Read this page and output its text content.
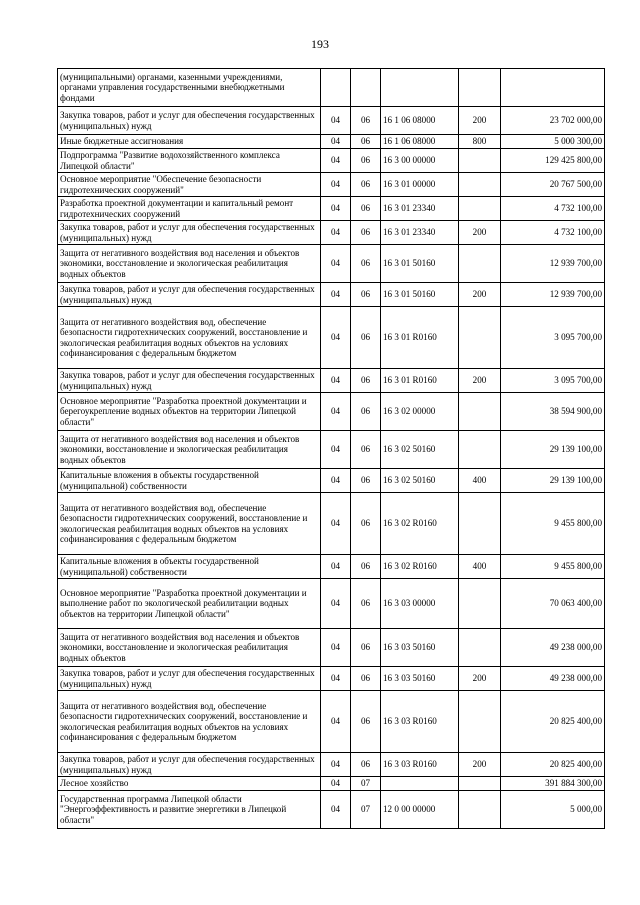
193
(муниципальными) органами, казенными учреждениями, органами управления государственными внебюджетными фондами					
Закупка товаров, работ и услуг для обеспечения государственных (муниципальных) нужд	04	06	16 1 06 08000	200	23 702 000,00
Иные бюджетные ассигнования	04	06	16 1 06 08000	800	5 000 300,00
Подпрограмма "Развитие водохозяйственного комплекса Липецкой области"	04	06	16 3 00 00000		129 425 800,00
Основное мероприятие "Обеспечение безопасности гидротехнических сооружений"	04	06	16 3 01 00000		20 767 500,00
Разработка проектной документации и капитальный ремонт гидротехнических сооружений	04	06	16 3 01 23340		4 732 100,00
Закупка товаров, работ и услуг для обеспечения государственных (муниципальных) нужд	04	06	16 3 01 23340	200	4 732 100,00
Защита от негативного воздействия вод населения и объектов экономики, восстановление и экологическая реабилитация водных объектов	04	06	16 3 01 50160		12 939 700,00
Закупка товаров, работ и услуг для обеспечения государственных (муниципальных) нужд	04	06	16 3 01 50160	200	12 939 700,00
Защита от негативного воздействия вод, обеспечение безопасности гидротехнических сооружений, восстановление и экологическая реабилитация водных объектов на условиях софинансирования с федеральным бюджетом	04	06	16 3 01 R0160		3 095 700,00
Закупка товаров, работ и услуг для обеспечения государственных (муниципальных) нужд	04	06	16 3 01 R0160	200	3 095 700,00
Основное мероприятие "Разработка проектной документации и берегоукрепление водных объектов на территории Липецкой области"	04	06	16 3 02 00000		38 594 900,00
Защита от негативного воздействия вод населения и объектов экономики, восстановление и экологическая реабилитация водных объектов	04	06	16 3 02 50160		29 139 100,00
Капитальные вложения в объекты государственной (муниципальной) собственности	04	06	16 3 02 50160	400	29 139 100,00
Защита от негативного воздействия вод, обеспечение безопасности гидротехнических сооружений, восстановление и экологическая реабилитация водных объектов на условиях софинансирования с федеральным бюджетом	04	06	16 3 02 R0160		9 455 800,00
Капитальные вложения в объекты государственной (муниципальной) собственности	04	06	16 3 02 R0160	400	9 455 800,00
Основное мероприятие "Разработка проектной документации и выполнение работ по экологической реабилитации водных объектов на территории Липецкой области"	04	06	16 3 03 00000		70 063 400,00
Защита от негативного воздействия вод населения и объектов экономики, восстановление и экологическая реабилитация водных объектов	04	06	16 3 03 50160		49 238 000,00
Закупка товаров, работ и услуг для обеспечения государственных (муниципальных) нужд	04	06	16 3 03 50160	200	49 238 000,00
Защита от негативного воздействия вод, обеспечение безопасности гидротехнических сооружений, восстановление и экологическая реабилитация водных объектов на условиях софинансирования с федеральным бюджетом	04	06	16 3 03 R0160		20 825 400,00
Закупка товаров, работ и услуг для обеспечения государственных (муниципальных) нужд	04	06	16 3 03 R0160	200	20 825 400,00
Лесное хозяйство	04	07			391 884 300,00
Государственная программа Липецкой области "Энергоэффективность и развитие энергетики в Липецкой области"	04	07	12 0 00 00000		5 000,00
